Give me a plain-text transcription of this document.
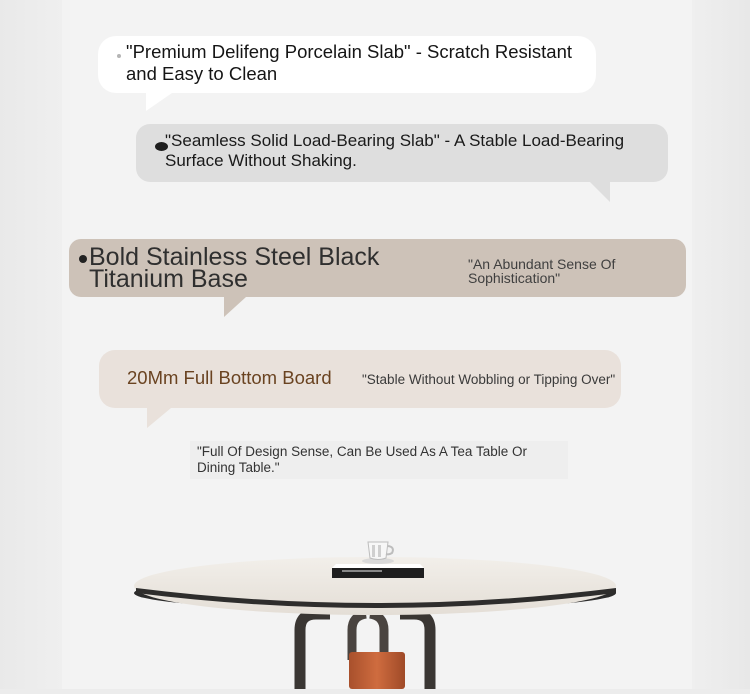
"Premium Delifeng Porcelain Slab" - Scratch Resistant and Easy to Clean
"Seamless Solid Load-Bearing Slab" - A Stable Load-Bearing Surface Without Shaking.
Bold Stainless Steel Black Titanium Base
"An Abundant Sense Of Sophistication"
20Mm Full Bottom Board "Stable Without Wobbling or Tipping Over"
"Full Of Design Sense, Can Be Used As A Tea Table Or Dining Table."
